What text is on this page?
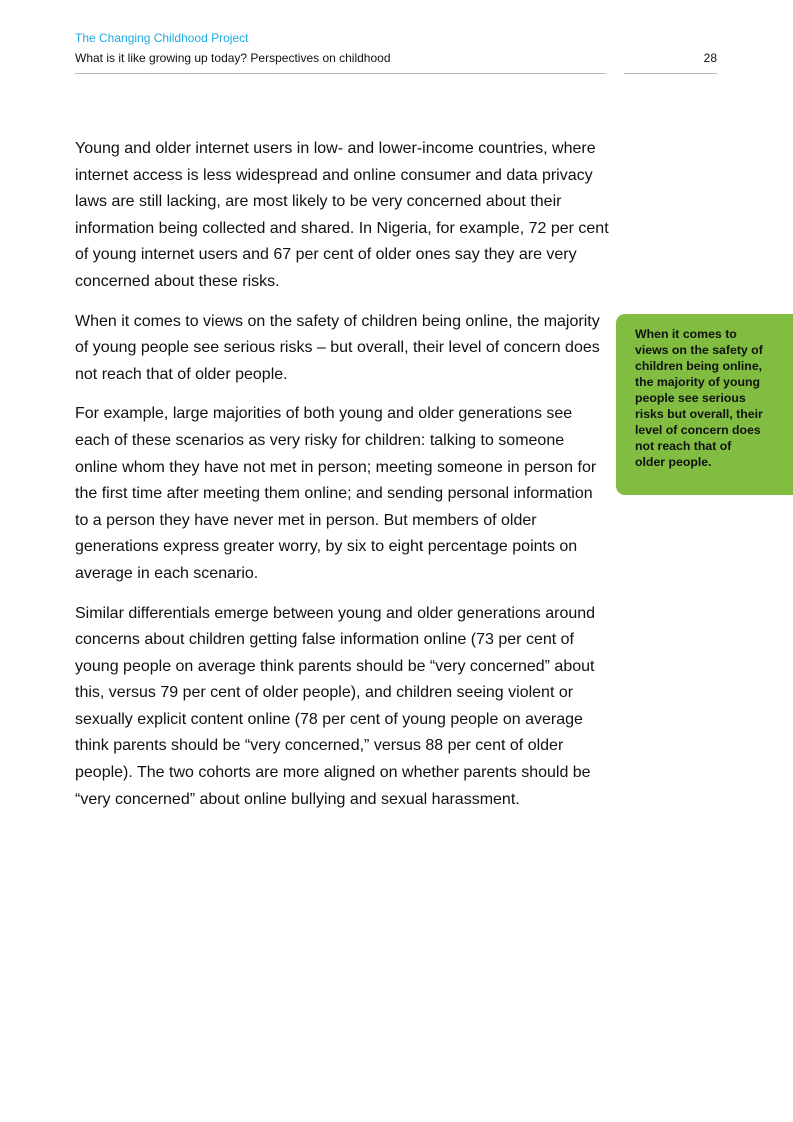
The Changing Childhood Project

What is it like growing up today? Perspectives on childhood	28

Young and older internet users in low- and lower-income countries, where internet access is less widespread and online consumer and data privacy laws are still lacking, are most likely to be very concerned about their information being collected and shared. In Nigeria, for example, 72 per cent of young internet users and 67 per cent of older ones say they are very concerned about these risks.

When it comes to views on the safety of children being online, the majority of young people see serious risks – but overall, their level of concern does not reach that of older people.

For example, large majorities of both young and older generations see each of these scenarios as very risky for children: talking to someone online whom they have not met in person; meeting someone in person for the first time after meeting them online; and sending personal information to a person they have never met in person. But members of older generations express greater worry, by six to eight percentage points on average in each scenario.

Similar differentials emerge between young and older generations around concerns about children getting false information online (73 per cent of young people on average think parents should be “very concerned” about this, versus 79 per cent of older people), and children seeing violent or sexually explicit content online (78 per cent of young people on average think parents should be “very concerned,” versus 88 per cent of older people). The two cohorts are more aligned on whether parents should be “very concerned” about online bullying and sexual harassment.

When it comes to views on the safety of children being online, the majority of young people see serious risks but overall, their level of concern does not reach that of older people.
